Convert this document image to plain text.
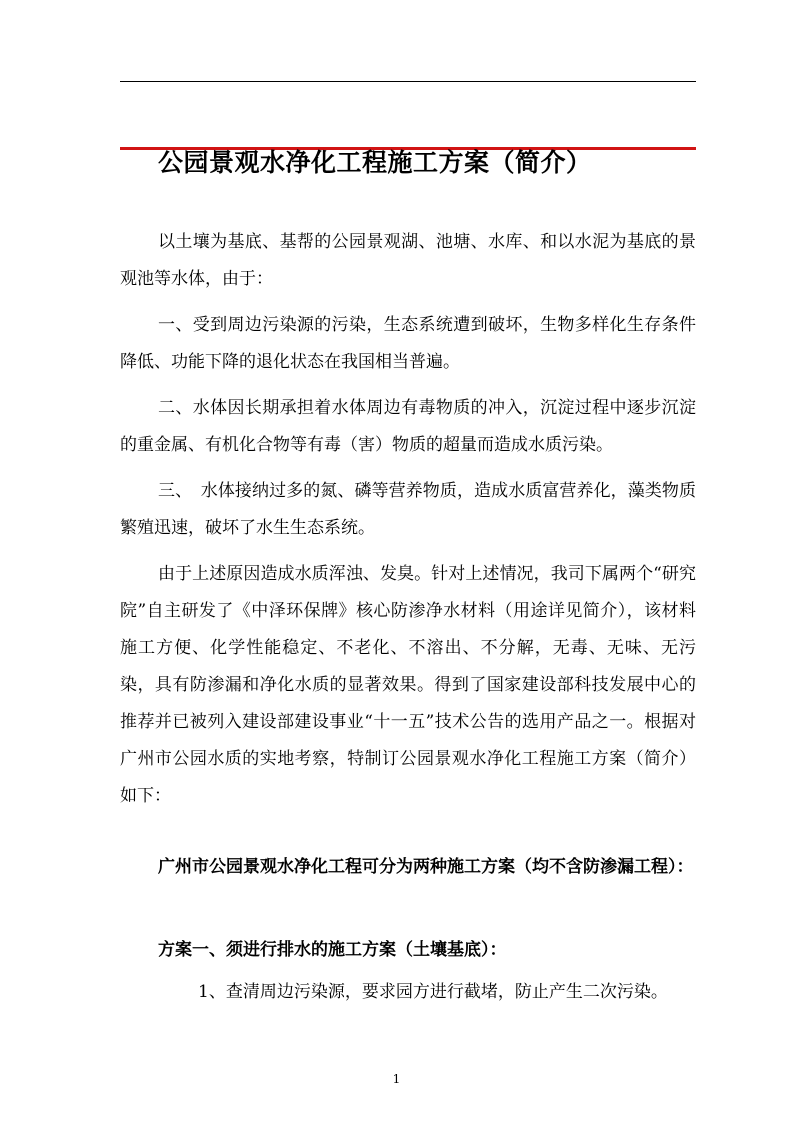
公园景观水净化工程施工方案（简介）

以土壤为基底、基帮的公园景观湖、池塘、水库、和以水泥为基底的景观池等水体，由于：

一、受到周边污染源的污染，生态系统遭到破坏，生物多样化生存条件降低、功能下降的退化状态在我国相当普遍。

二、水体因长期承担着水体周边有毒物质的冲入，沉淀过程中逐步沉淀的重金属、有机化合物等有毒（害）物质的超量而造成水质污染。

三、　水体接纳过多的氮、磷等营养物质，造成水质富营养化，藻类物质繁殖迅速，破坏了水生生态系统。

由于上述原因造成水质浑浊、发臭。针对上述情况，我司下属两个“研究院”自主研发了《中泽环保牌》核心防渗净水材料（用途详见简介），该材料施工方便、化学性能稳定、不老化、不溶出、不分解，无毒、无味、无污染，具有防渗漏和净化水质的显著效果。得到了国家建设部科技发展中心的推荐并已被列入建设部建设事业“十一五”技术公告的选用产品之一。根据对广州市公园水质的实地考察，特制订公园景观水净化工程施工方案（简介）如下：

广州市公园景观水净化工程可分为两种施工方案（均不含防渗漏工程）：

方案一、须进行排水的施工方案（土壤基底）：

1、查清周边污染源，要求园方进行截堵，防止产生二次污染。

1
